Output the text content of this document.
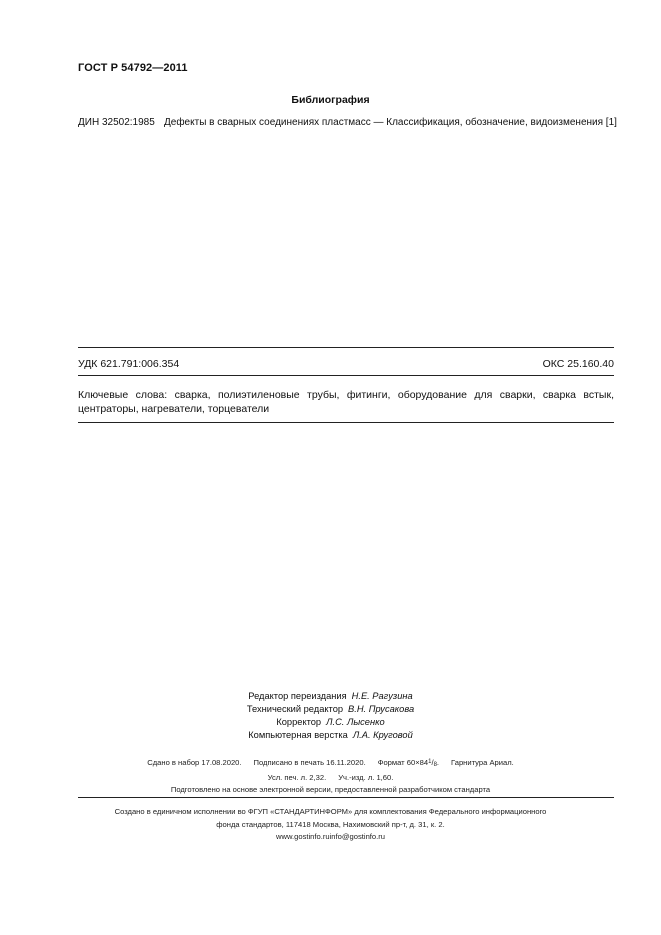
ГОСТ Р 54792—2011
Библиография
ДИН 32502:1985 Дефекты в сварных соединениях пластмасс — Классификация, обозначение, видоизменения [1]
УДК 621.791:006.354	ОКС 25.160.40
Ключевые слова: сварка, полиэтиленовые трубы, фитинги, оборудование для сварки, сварка встык, центраторы, нагреватели, торцеватели
Редактор переиздания Н.Е. Рагузина
Технический редактор В.Н. Прусакова
Корректор Л.С. Лысенко
Компьютерная верстка Л.А. Круговой
Сдано в набор 17.08.2020. Подписано в печать 16.11.2020. Формат $60\times 84^1/8$. Гарнитура Ариал.
Усл. печ. л. 2,32. Уч.-изд. л. 1,60.
Подготовлено на основе электронной версии, предоставленной разработчиком стандарта
Создано в единичном исполнении во ФГУП «СТАНДАРТИНФОРМ» для комплектования Федерального информационного
фонда стандартов, 117418 Москва, Нахимовский пр-т, д. 31, к. 2.
www.gostinfo.ruinfo@gostinfo.ru
